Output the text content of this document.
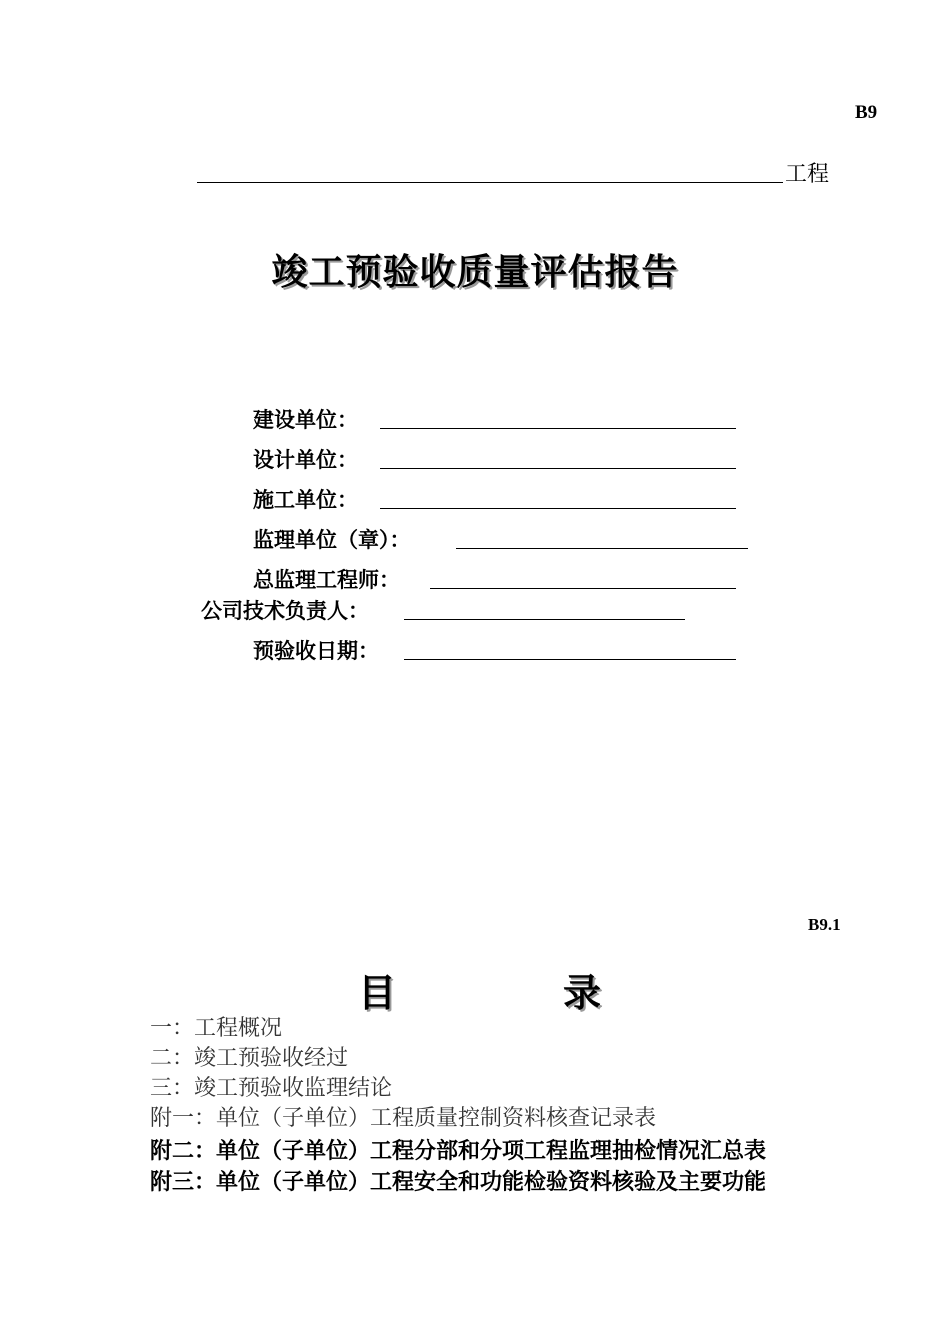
B9
工程
竣工预验收质量评估报告
建设单位：
设计单位：
施工单位：
监理单位（章）：
总监理工程师：
公司技术负责人：
预验收日期：
B9.1
目	录
一：工程概况
二：竣工预验收经过
三：竣工预验收监理结论
附一：单位（子单位）工程质量控制资料核查记录表
附二：单位（子单位）工程分部和分项工程监理抽检情况汇总表
附三：单位（子单位）工程安全和功能检验资料核验及主要功能
